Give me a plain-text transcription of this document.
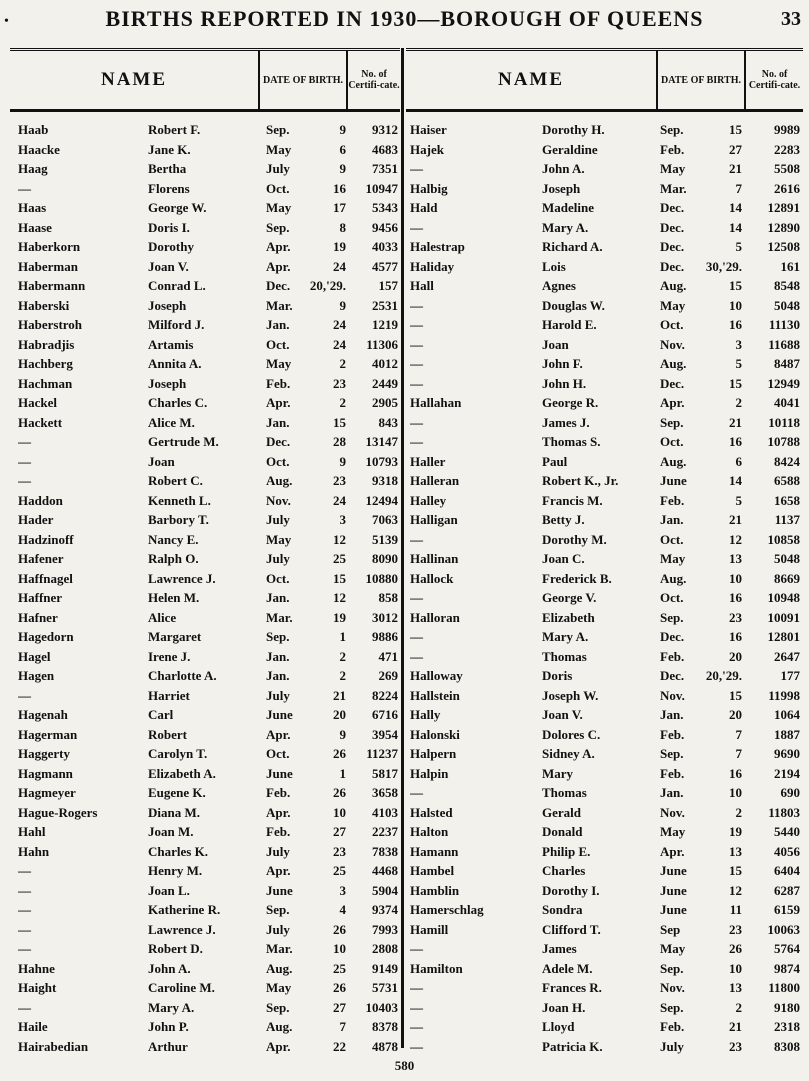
•	BIRTHS REPORTED IN 1930—BOROUGH OF QUEENS	33
NAME	DATE OF BIRTH.	No. of Certifi-cate.	NAME	DATE OF BIRTH.	No. of Certifi-cate.
Haab	Robert F.	Sep.	9	9312
Haacke	Jane K.	May	6	4683
Haag	Bertha	July	9	7351
—	Florens	Oct.	16	10947
Haas	George W.	May	17	5343
Haase	Doris I.	Sep.	8	9456
Haberkorn	Dorothy	Apr.	19	4033
Haberman	Joan V.	Apr.	24	4577
Habermann	Conrad L.	Dec.	20,'29.	157
Haberski	Joseph	Mar.	9	2531
Haberstroh	Milford J.	Jan.	24	1219
Habradjis	Artamis	Oct.	24	11306
Hachberg	Annita A.	May	2	4012
Hachman	Joseph	Feb.	23	2449
Hackel	Charles C.	Apr.	2	2905
Hackett	Alice M.	Jan.	15	843
—	Gertrude M.	Dec.	28	13147
—	Joan	Oct.	9	10793
—	Robert C.	Aug.	23	9318
Haddon	Kenneth L.	Nov.	24	12494
Hader	Barbory T.	July	3	7063
Hadzinoff	Nancy E.	May	12	5139
Hafener	Ralph O.	July	25	8090
Haffnagel	Lawrence J.	Oct.	15	10880
Haffner	Helen M.	Jan.	12	858
Hafner	Alice	Mar.	19	3012
Hagedorn	Margaret	Sep.	1	9886
Hagel	Irene J.	Jan.	2	471
Hagen	Charlotte A.	Jan.	2	269
—	Harriet	July	21	8224
Hagenah	Carl	June	20	6716
Hagerman	Robert	Apr.	9	3954
Haggerty	Carolyn T.	Oct.	26	11237
Hagmann	Elizabeth A.	June	1	5817
Hagmeyer	Eugene K.	Feb.	26	3658
Hague-Rogers	Diana M.	Apr.	10	4103
Hahl	Joan M.	Feb.	27	2237
Hahn	Charles K.	July	23	7838
—	Henry M.	Apr.	25	4468
—	Joan L.	June	3	5904
—	Katherine R.	Sep.	4	9374
—	Lawrence J.	July	26	7993
—	Robert D.	Mar.	10	2808
Hahne	John A.	Aug.	25	9149
Haight	Caroline M.	May	26	5731
—	Mary A.	Sep.	27	10403
Haile	John P.	Aug.	7	8378
Hairabedian	Arthur	Apr.	22	4878
Haiser	Dorothy H.	Sep.	15	9989
Hajek	Geraldine	Feb.	27	2283
—	John A.	May	21	5508
Halbig	Joseph	Mar.	7	2616
Hald	Madeline	Dec.	14	12891
—	Mary A.	Dec.	14	12890
Halestrap	Richard A.	Dec.	5	12508
Haliday	Lois	Dec.	30,'29.	161
Hall	Agnes	Aug.	15	8548
—	Douglas W.	May	10	5048
—	Harold E.	Oct.	16	11130
—	Joan	Nov.	3	11688
—	John F.	Aug.	5	8487
—	John H.	Dec.	15	12949
Hallahan	George R.	Apr.	2	4041
—	James J.	Sep.	21	10118
—	Thomas S.	Oct.	16	10788
Haller	Paul	Aug.	6	8424
Halleran	Robert K., Jr.	June	14	6588
Halley	Francis M.	Feb.	5	1658
Halligan	Betty J.	Jan.	21	1137
—	Dorothy M.	Oct.	12	10858
Hallinan	Joan C.	May	13	5048
Hallock	Frederick B.	Aug.	10	8669
—	George V.	Oct.	16	10948
Halloran	Elizabeth	Sep.	23	10091
—	Mary A.	Dec.	16	12801
—	Thomas	Feb.	20	2647
Halloway	Doris	Dec.	20,'29.	177
Hallstein	Joseph W.	Nov.	15	11998
Hally	Joan V.	Jan.	20	1064
Halonski	Dolores C.	Feb.	7	1887
Halpern	Sidney A.	Sep.	7	9690
Halpin	Mary	Feb.	16	2194
—	Thomas	Jan.	10	690
Halsted	Gerald	Nov.	2	11803
Halton	Donald	May	19	5440
Hamann	Philip E.	Apr.	13	4056
Hambel	Charles	June	15	6404
Hamblin	Dorothy I.	June	12	6287
Hamerschlag	Sondra	June	11	6159
Hamill	Clifford T.	Sep	23	10063
—	James	May	26	5764
Hamilton	Adele M.	Sep.	10	9874
—	Frances R.	Nov.	13	11800
—	Joan H.	Sep.	2	9180
—	Lloyd	Feb.	21	2318
—	Patricia K.	July	23	8308
580
